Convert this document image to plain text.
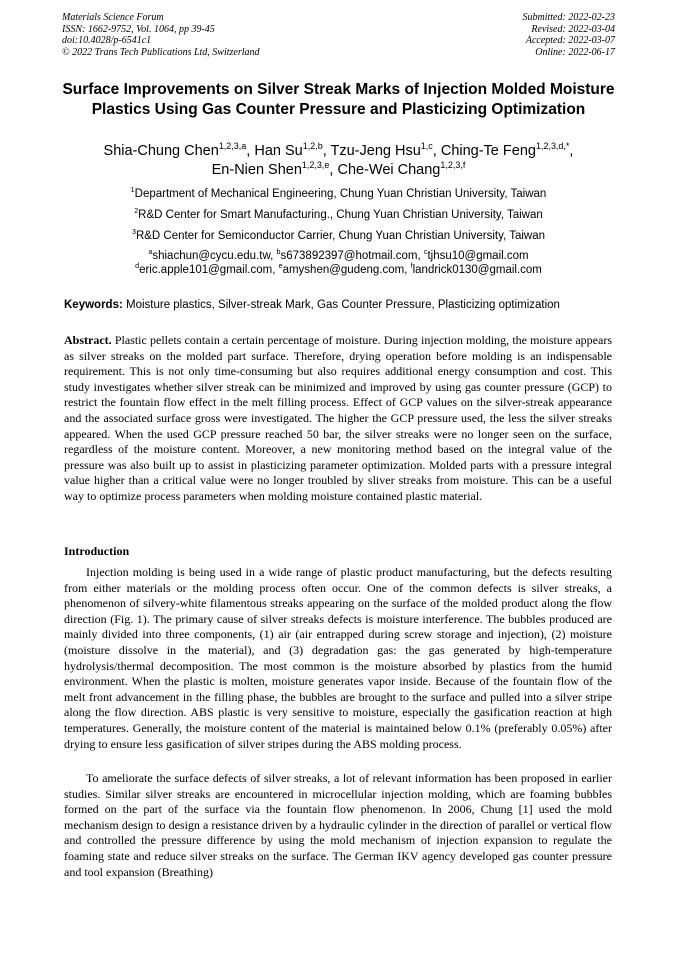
Materials Science Forum
ISSN: 1662-9752, Vol. 1064, pp 39-45
doi:10.4028/p-6541c1
© 2022 Trans Tech Publications Ltd, Switzerland
Submitted: 2022-02-23
Revised: 2022-03-04
Accepted: 2022-03-07
Online: 2022-06-17
Surface Improvements on Silver Streak Marks of Injection Molded Moisture Plastics Using Gas Counter Pressure and Plasticizing Optimization
Shia-Chung Chen$^{1,2,3,a}$, Han Su$^{1,2,b}$, Tzu-Jeng Hsu$^{1,c}$, Ching-Te Feng$^{1,2,3,d,*}$,
En-Nien Shen$^{1,2,3,e}$, Che-Wei Chang$^{1,2,3,f}$
$^1$Department of Mechanical Engineering, Chung Yuan Christian University, Taiwan
$^2$R&D Center for Smart Manufacturing., Chung Yuan Christian University, Taiwan
$^3$R&D Center for Semiconductor Carrier, Chung Yuan Christian University, Taiwan
$^a$shiachun@cycu.edu.tw, $^b$s673892397@hotmail.com, $^c$tjhsu10@gmail.com
$^d$eric.apple101@gmail.com, $^e$amyshen@gudeng.com, $^f$landrick0130@gmail.com
Keywords: Moisture plastics, Silver-streak Mark, Gas Counter Pressure, Plasticizing optimization

Abstract. Plastic pellets contain a certain percentage of moisture. During injection molding, the moisture appears as silver streaks on the molded part surface. Therefore, drying operation before molding is an indispensable requirement. This is not only time-consuming but also requires additional energy consumption and cost. This study investigates whether silver streak can be minimized and improved by using gas counter pressure (GCP) to restrict the fountain flow effect in the melt filling process. Effect of GCP values on the silver-streak appearance and the associated surface gross were investigated. The higher the GCP pressure used, the less the silver streaks appeared. When the used GCP pressure reached 50 bar, the silver streaks were no longer seen on the surface, regardless of the moisture content. Moreover, a new monitoring method based on the integral value of the pressure was also built up to assist in plasticizing parameter optimization. Molded parts with a pressure integral value higher than a critical value were no longer troubled by sliver streaks from moisture. This can be a useful way to optimize process parameters when molding moisture contained plastic material.

Introduction

Injection molding is being used in a wide range of plastic product manufacturing, but the defects resulting from either materials or the molding process often occur. One of the common defects is silver streaks, a phenomenon of silvery-white filamentous streaks appearing on the surface of the molded product along the flow direction (Fig. 1). The primary cause of silver streaks defects is moisture interference. The bubbles produced are mainly divided into three components, (1) air (air entrapped during screw storage and injection), (2) moisture (moisture dissolve in the material), and (3) degradation gas: the gas generated by high-temperature hydrolysis/thermal decomposition. The most common is the moisture absorbed by plastics from the humid environment. When the plastic is molten, moisture generates vapor inside. Because of the fountain flow of the melt front advancement in the filling phase, the bubbles are brought to the surface and pulled into a silver stripe along the flow direction. ABS plastic is very sensitive to moisture, especially the gasification reaction at high temperatures. Generally, the moisture content of the material is maintained below 0.1% (preferably 0.05%) after drying to ensure less gasification of silver stripes during the ABS molding process.

To ameliorate the surface defects of silver streaks, a lot of relevant information has been proposed in earlier studies. Similar silver streaks are encountered in microcellular injection molding, which are foaming bubbles formed on the part of the surface via the fountain flow phenomenon. In 2006, Chung [1] used the mold mechanism design to design a resistance driven by a hydraulic cylinder in the direction of parallel or vertical flow and controlled the pressure difference by using the mold mechanism of injection expansion to regulate the foaming state and reduce silver streaks on the surface. The German IKV agency developed gas counter pressure and tool expansion (Breathing)
